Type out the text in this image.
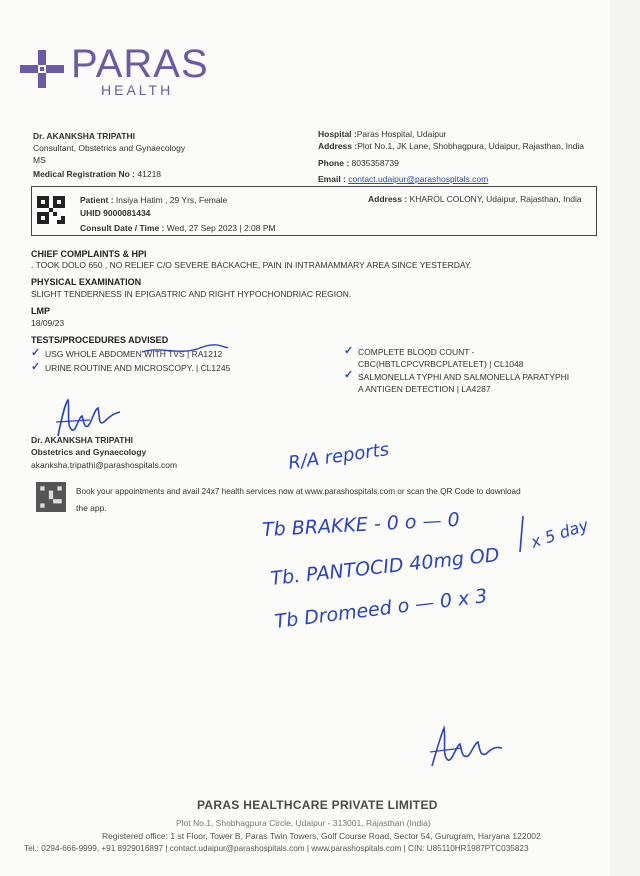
PARAS
HEALTH
Dr. AKANKSHA TRIPATHI
Consultant, Obstetrics and Gynaecology
MS
Medical Registration No : 41218
Hospital :Paras Hospital, Udaipur
Address :Plot No.1, JK Lane, Shobhagpura, Udaipur, Rajasthan, India
Phone : 8035358739
Email : contact.udaipur@parashospitals.com
Patient : Insiya Hatim , 29 Yrs, Female
UHID 9000081434
Consult Date / Time : Wed, 27 Sep 2023 | 2:08 PM
Address : KHAROL COLONY, Udaipur, Rajasthan, India
CHIEF COMPLAINTS & HPI
. TOOK DOLO 650 , NO RELIEF C/O SEVERE BACKACHE, PAIN IN INTRAMAMMARY AREA SINCE YESTERDAY.
PHYSICAL EXAMINATION
SLIGHT TENDERNESS IN EPIGASTRIC AND RIGHT HYPOCHONDRIAC REGION.
LMP
18/09/23
TESTS/PROCEDURES ADVISED
✓ USG WHOLE ABDOMEN WITH TVS | RA1212
✓ URINE ROUTINE AND MICROSCOPY. | CL1245
✓ COMPLETE BLOOD COUNT -
CBC(HBTLCPCVRBCPLATELET) | CL1048
✓ SALMONELLA TYPHI AND SALMONELLA PARATYPHI
A ANTIGEN DETECTION | LA4287
Dr. AKANKSHA TRIPATHI
Obstetrics and Gynaecology
akanksha.tripathi@parashospitals.com	R/A reports
Book your appointments and avail 24x7 health services now at www.parashospitals.com or scan the QR Code to download
the app.
Tb BRAKKE - 0 o — 0	x 5 day
Tb. PANTOCID 40mg OD
Tb Dromeed o — 0 x 3
PARAS HEALTHCARE PRIVATE LIMITED
Plot No.1, Shobhagpura Circle, Udaipur - 313001, Rajasthan (India)
Registered office: 1 st Floor, Tower B, Paras Twin Towers, Golf Course Road, Sector 54, Gurugram, Haryana 122002
Tel.: 0294-666-9999, +91 8929016897 | contact.udaipur@parashospitals.com | www.parashospitals.com | CIN: U85110HR1987PTC035823
